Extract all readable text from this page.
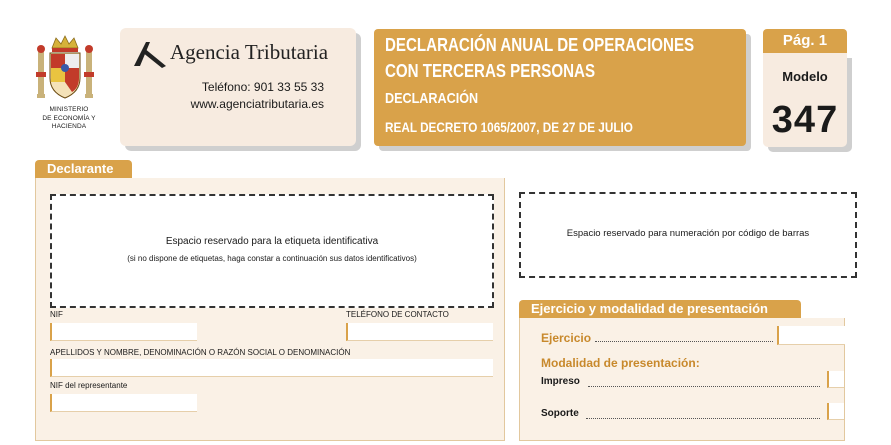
MINISTERIO
DE ECONOMÍA Y
HACIENDA
Agencia Tributaria
Teléfono: 901 33 55 33
www.agenciatributaria.es
DECLARACIÓN ANUAL DE OPERACIONES
CON TERCERAS PERSONAS
DECLARACIÓN
REAL DECRETO 1065/2007, DE 27 DE JULIO
Pág. 1
Modelo
347
Declarante
Espacio reservado para la etiqueta identificativa
(si no dispone de etiquetas, haga constar a continuación sus datos identificativos)
NIF	TELÉFONO DE CONTACTO
APELLIDOS Y NOMBRE, DENOMINACIÓN O RAZÓN SOCIAL O DENOMINACIÓN
NIF del representante
Espacio reservado para numeración por código de barras
Ejercicio y modalidad de presentación
Ejercicio
Modalidad de presentación:
Impreso
Soporte
